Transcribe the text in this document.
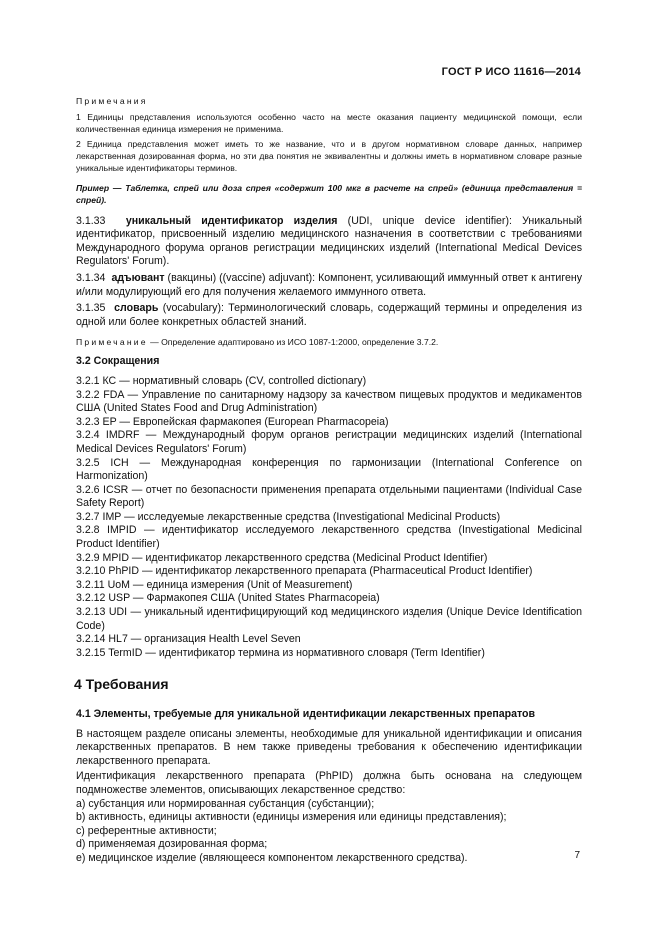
ГОСТ Р ИСО 11616—2014
Примечания

1 Единицы представления используются особенно часто на месте оказания пациенту медицинской помощи, если количественная единица измерения не применима.

2 Единица представления может иметь то же название, что и в другом нормативном словаре данных, например лекарственная дозированная форма, но эти два понятия не эквивалентны и должны иметь в нормативном словаре разные уникальные идентификаторы терминов.

Пример — Таблетка, спрей или доза спрея «содержит 100 мкг в расчете на спрей» (единица представления = спрей).

3.1.33 уникальный идентификатор изделия (UDI, unique device identifier): Уникальный идентификатор, присвоенный изделию медицинского назначения в соответствии с требованиями Международного форума органов регистрации медицинских изделий (International Medical Devices Regulators' Forum).

3.1.34 адъювант (вакцины) ((vaccine) adjuvant): Компонент, усиливающий иммунный ответ к антигену и/или модулирующий его для получения желаемого иммунного ответа.

3.1.35 словарь (vocabulary): Терминологический словарь, содержащий термины и определения из одной или более конкретных областей знаний.

Примечание — Определение адаптировано из ИСО 1087-1:2000, определение 3.7.2.

3.2 Сокращения

3.2.1 КС — нормативный словарь (CV, controlled dictionary)

3.2.2 FDA — Управление по санитарному надзору за качеством пищевых продуктов и медикаментов США (United States Food and Drug Administration)

3.2.3 EP — Европейская фармакопея (European Pharmacopeia)

3.2.4 IMDRF — Международный форум органов регистрации медицинских изделий (International Medical Devices Regulators' Forum)

3.2.5 ICH — Международная конференция по гармонизации (International Conference on Harmonization)

3.2.6 ICSR — отчет по безопасности применения препарата отдельными пациентами (Individual Case Safety Report)

3.2.7 IMP — исследуемые лекарственные средства (Investigational Medicinal Products)

3.2.8 IMPID — идентификатор исследуемого лекарственного средства (Investigational Medicinal Product Identifier)

3.2.9 MPID — идентификатор лекарственного средства (Medicinal Product Identifier)

3.2.10 PhPID — идентификатор лекарственного препарата (Pharmaceutical Product Identifier)

3.2.11 UoM — единица измерения (Unit of Measurement)

3.2.12 USP — Фармакопея США (United States Pharmacopeia)

3.2.13 UDI — уникальный идентифицирующий код медицинского изделия (Unique Device Identification Code)

3.2.14 HL7 — организация Health Level Seven

3.2.15 TermID — идентификатор термина из нормативного словаря (Term Identifier)

4 Требования
4.1 Элементы, требуемые для уникальной идентификации лекарственных препаратов

В настоящем разделе описаны элементы, необходимые для уникальной идентификации и описания лекарственных препаратов. В нем также приведены требования к обеспечению идентификации лекарственного препарата.

Идентификация лекарственного препарата (PhPID) должна быть основана на следующем подмножестве элементов, описывающих лекарственное средство:

a) субстанция или нормированная субстанция (субстанции);
b) активность, единицы активности (единицы измерения или единицы представления);
c) референтные активности;
d) применяемая дозированная форма;
e) медицинское изделие (являющееся компонентом лекарственного средства).	7
